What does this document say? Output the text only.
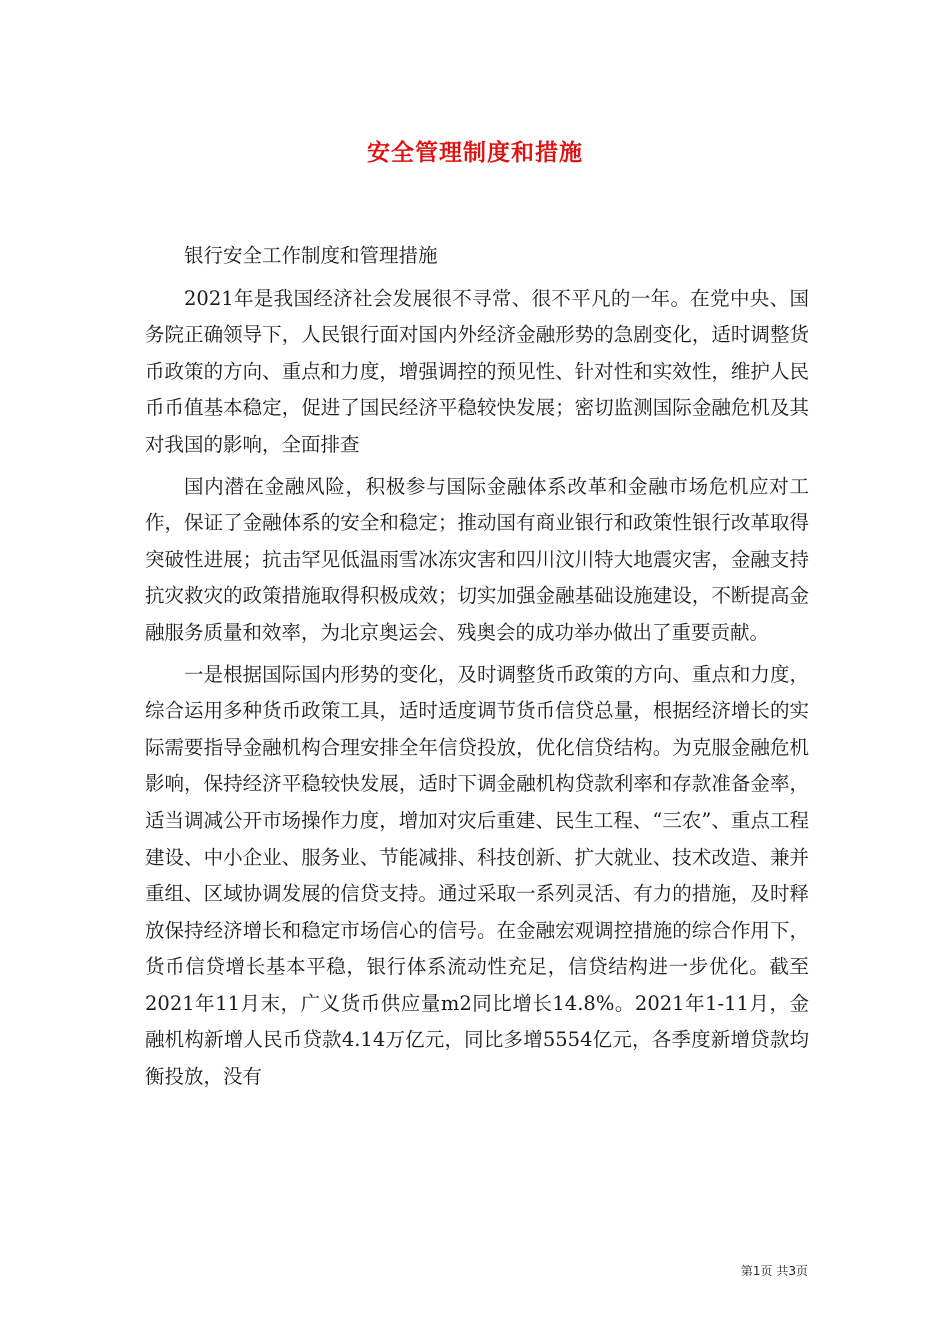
安全管理制度和措施

银行安全工作制度和管理措施

2021年是我国经济社会发展很不寻常、很不平凡的一年。在党中央、国务院正确领导下，人民银行面对国内外经济金融形势的急剧变化，适时调整货币政策的方向、重点和力度，增强调控的预见性、针对性和实效性，维护人民币币值基本稳定，促进了国民经济平稳较快发展；密切监测国际金融危机及其对我国的影响，全面排查

国内潜在金融风险，积极参与国际金融体系改革和金融市场危机应对工作，保证了金融体系的安全和稳定；推动国有商业银行和政策性银行改革取得突破性进展；抗击罕见低温雨雪冰冻灾害和四川汶川特大地震灾害，金融支持抗灾救灾的政策措施取得积极成效；切实加强金融基础设施建设，不断提高金融服务质量和效率，为北京奥运会、残奥会的成功举办做出了重要贡献。

一是根据国际国内形势的变化，及时调整货币政策的方向、重点和力度，综合运用多种货币政策工具，适时适度调节货币信贷总量，根据经济增长的实际需要指导金融机构合理安排全年信贷投放，优化信贷结构。为克服金融危机影响，保持经济平稳较快发展，适时下调金融机构贷款利率和存款准备金率，适当调减公开市场操作力度，增加对灾后重建、民生工程、“三农”、重点工程建设、中小企业、服务业、节能减排、科技创新、扩大就业、技术改造、兼并重组、区域协调发展的信贷支持。通过采取一系列灵活、有力的措施，及时释放保持经济增长和稳定市场信心的信号。在金融宏观调控措施的综合作用下，货币信贷增长基本平稳，银行体系流动性充足，信贷结构进一步优化。截至2021年11月末，广义货币供应量m2同比增长14.8%。2021年1-11月，金融机构新增人民币贷款4.14万亿元，同比多增5554亿元，各季度新增贷款均衡投放，没有

第1页 共3页
